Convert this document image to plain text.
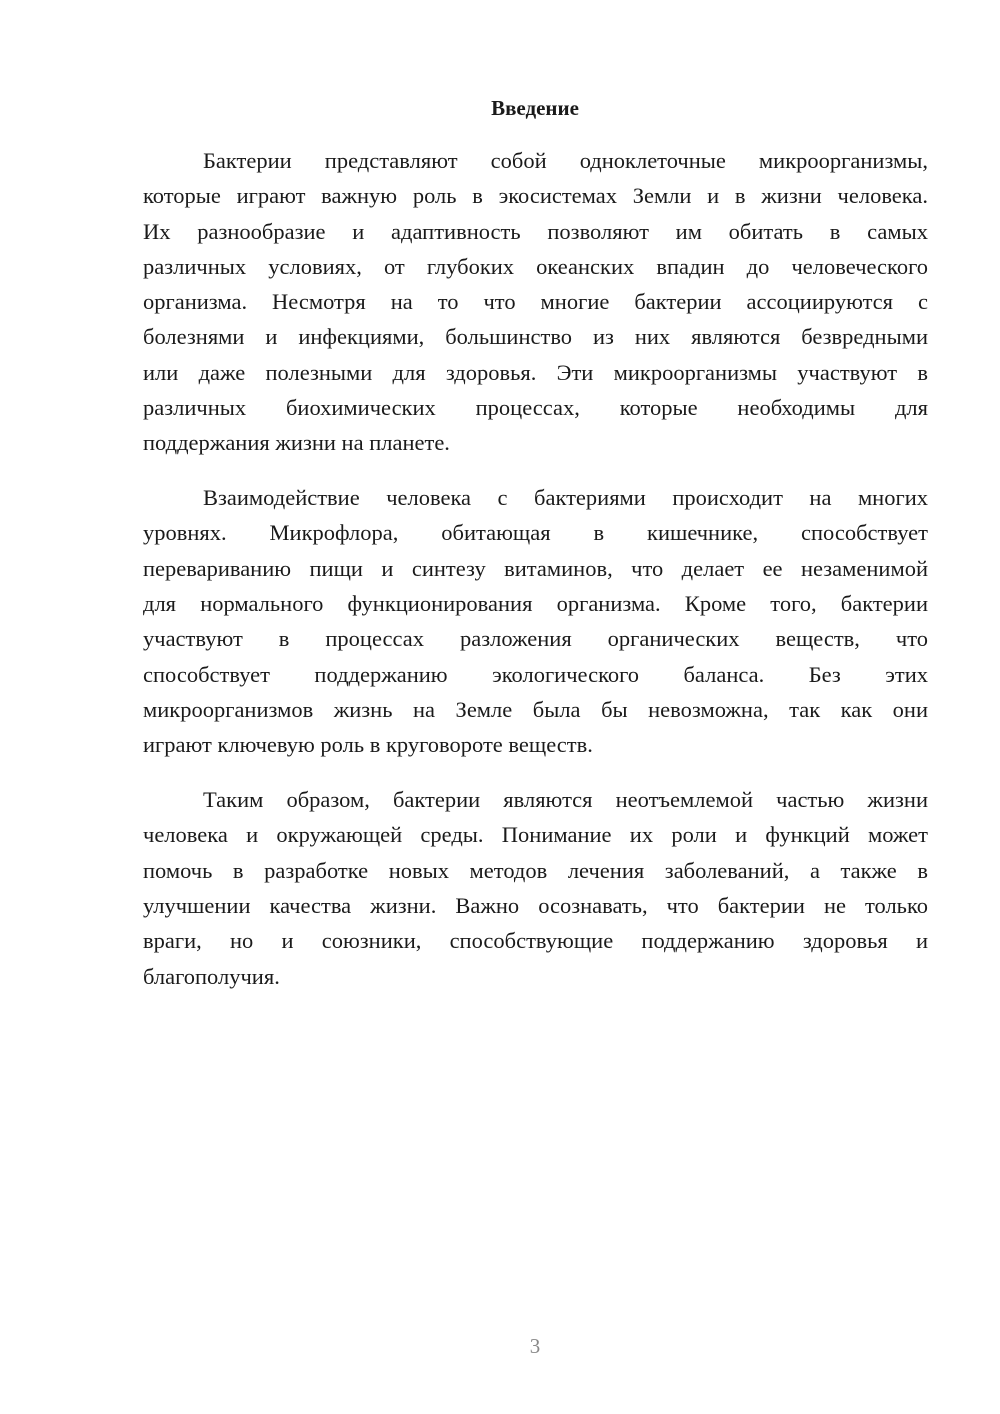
Введение

Бактерии представляют собой одноклеточные микроорганизмы,
которые играют важную роль в экосистемах Земли и в жизни человека.
Их разнообразие и адаптивность позволяют им обитать в самых
различных условиях, от глубоких океанских впадин до человеческого
организма. Несмотря на то что многие бактерии ассоциируются с
болезнями и инфекциями, большинство из них являются безвредными
или даже полезными для здоровья. Эти микроорганизмы участвуют в
различных биохимических процессах, которые необходимы для
поддержания жизни на планете.

Взаимодействие человека с бактериями происходит на многих
уровнях. Микрофлора, обитающая в кишечнике, способствует
перевариванию пищи и синтезу витаминов, что делает ее незаменимой
для нормального функционирования организма. Кроме того, бактерии
участвуют в процессах разложения органических веществ, что
способствует поддержанию экологического баланса. Без этих
микроорганизмов жизнь на Земле была бы невозможна, так как они
играют ключевую роль в круговороте веществ.

Таким образом, бактерии являются неотъемлемой частью жизни
человека и окружающей среды. Понимание их роли и функций может
помочь в разработке новых методов лечения заболеваний, а также в
улучшении качества жизни. Важно осознавать, что бактерии не только
враги, но и союзники, способствующие поддержанию здоровья и
благополучия.

3
